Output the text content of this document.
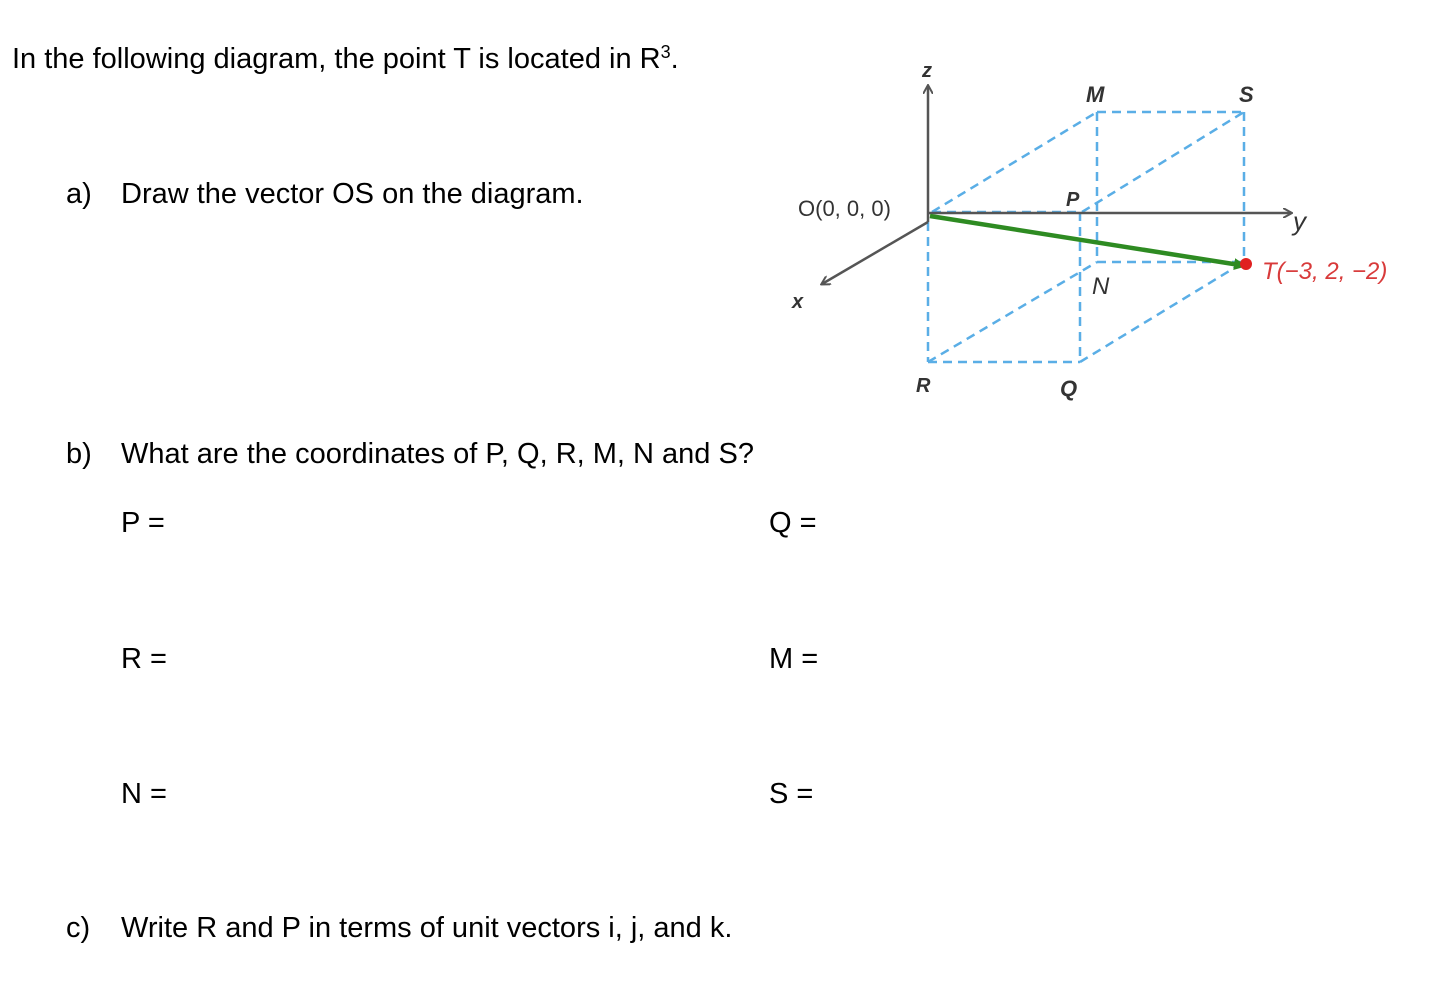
In the following diagram, the point T is located in $R^3$.
a) Draw the vector OS on the diagram.
b) What are the coordinates of P, Q, R, M, N and S?
P =	Q =
R =	M =
N =	S =
c) Write R and P in terms of unit vectors i, j, and k.
z
y
x
O(0, 0, 0)
T(−3, 2, −2)
M	S
P
N
R	Q
